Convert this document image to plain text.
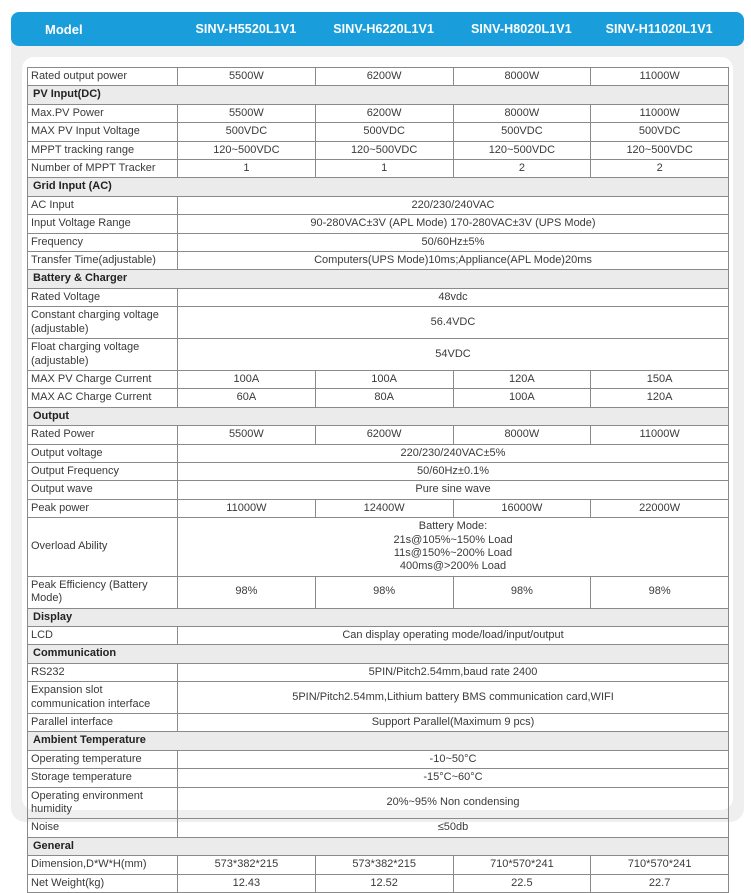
Model	SINV-H5520L1V1	SINV-H6220L1V1	SINV-H8020L1V1	SINV-H11020L1V1
Rated output power	5500W	6200W	8000W	11000W
PV Input(DC)				
Max.PV Power	5500W	6200W	8000W	11000W
MAX PV Input Voltage	500VDC	500VDC	500VDC	500VDC
MPPT tracking range	120~500VDC	120~500VDC	120~500VDC	120~500VDC
Number of MPPT Tracker	1	1	2	2
Grid Input (AC)				
AC Input	220/230/240VAC			
Input Voltage Range	90-280VAC±3V (APL Mode) 170-280VAC±3V (UPS Mode)			
Frequency	50/60Hz±5%			
Transfer Time(adjustable)	Computers(UPS Mode)10ms;Appliance(APL Mode)20ms			
Battery & Charger				
Rated Voltage	48vdc			
Constant charging voltage (adjustable)	56.4VDC			
Float charging voltage (adjustable)	54VDC			
MAX PV Charge Current	100A	100A	120A	150A
MAX AC Charge Current	60A	80A	100A	120A
Output				
Rated Power	5500W	6200W	8000W	11000W
Output voltage	220/230/240VAC±5%			
Output Frequency	50/60Hz±0.1%			
Output wave	Pure sine wave			
Peak power	11000W	12400W	16000W	22000W
Overload Ability	Battery Mode:
21s@105%~150% Load
11s@150%~200% Load
400ms@>200% Load			
Peak Efficiency (Battery Mode)	98%	98%	98%	98%
Display				
LCD	Can display operating mode/load/input/output			
Communication				
RS232	5PIN/Pitch2.54mm,baud rate 2400			
Expansion slot communication interface	5PIN/Pitch2.54mm,Lithium battery BMS communication card,WIFI			
Parallel interface	Support Parallel(Maximum 9 pcs)			
Ambient Temperature				
Operating temperature	-10~50°C			
Storage temperature	-15°C~60°C			
Operating environment humidity	20%~95% Non condensing			
Noise	≤50db			
General				
Dimension,D*W*H(mm)	573*382*215	573*382*215	710*570*241	710*570*241
Net Weight(kg)	12.43	12.52	22.5	22.7
